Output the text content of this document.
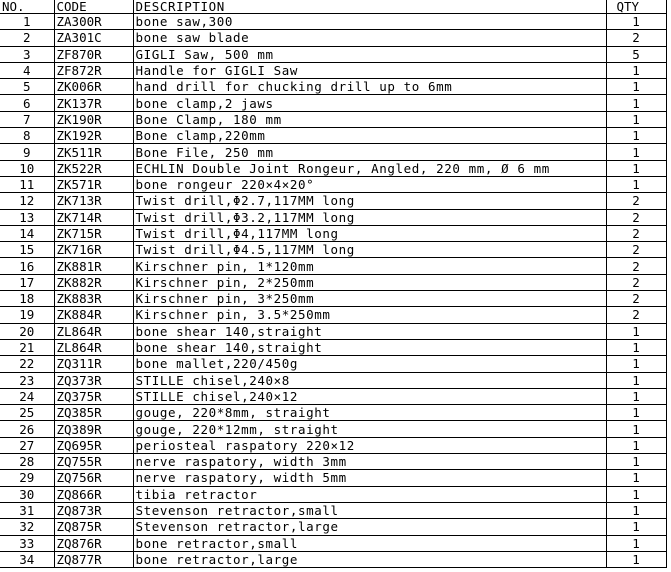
NO.	CODE	DESCRIPTION	QTY
1	ZA300R	bone saw,300	1
2	ZA301C	bone saw blade	2
3	ZF870R	GIGLI Saw, 500 mm	5
4	ZF872R	Handle for GIGLI Saw	1
5	ZK006R	hand drill for chucking drill up to 6mm	1
6	ZK137R	bone clamp,2 jaws	1
7	ZK190R	Bone Clamp, 180 mm	1
8	ZK192R	Bone clamp,220mm	1
9	ZK511R	Bone File, 250 mm	1
10	ZK522R	ECHLIN Double Joint Rongeur, Angled, 220 mm, Ø 6 mm	1
11	ZK571R	bone rongeur 220×4×20°	1
12	ZK713R	Twist drill,Φ2.7,117MM long	2
13	ZK714R	Twist drill,Φ3.2,117MM long	2
14	ZK715R	Twist drill,Φ4,117MM long	2
15	ZK716R	Twist drill,Φ4.5,117MM long	2
16	ZK881R	Kirschner pin, 1*120mm	2
17	ZK882R	Kirschner pin, 2*250mm	2
18	ZK883R	Kirschner pin, 3*250mm	2
19	ZK884R	Kirschner pin, 3.5*250mm	2
20	ZL864R	bone shear 140,straight	1
21	ZL864R	bone shear 140,straight	1
22	ZQ311R	bone mallet,220/450g	1
23	ZQ373R	STILLE chisel,240×8	1
24	ZQ375R	STILLE chisel,240×12	1
25	ZQ385R	gouge, 220*8mm, straight	1
26	ZQ389R	gouge, 220*12mm, straight	1
27	ZQ695R	periosteal raspatory 220×12	1
28	ZQ755R	nerve raspatory, width 3mm	1
29	ZQ756R	nerve raspatory, width 5mm	1
30	ZQ866R	tibia retractor	1
31	ZQ873R	Stevenson retractor,small	1
32	ZQ875R	Stevenson retractor,large	1
33	ZQ876R	bone retractor,small	1
34	ZQ877R	bone retractor,large	1
